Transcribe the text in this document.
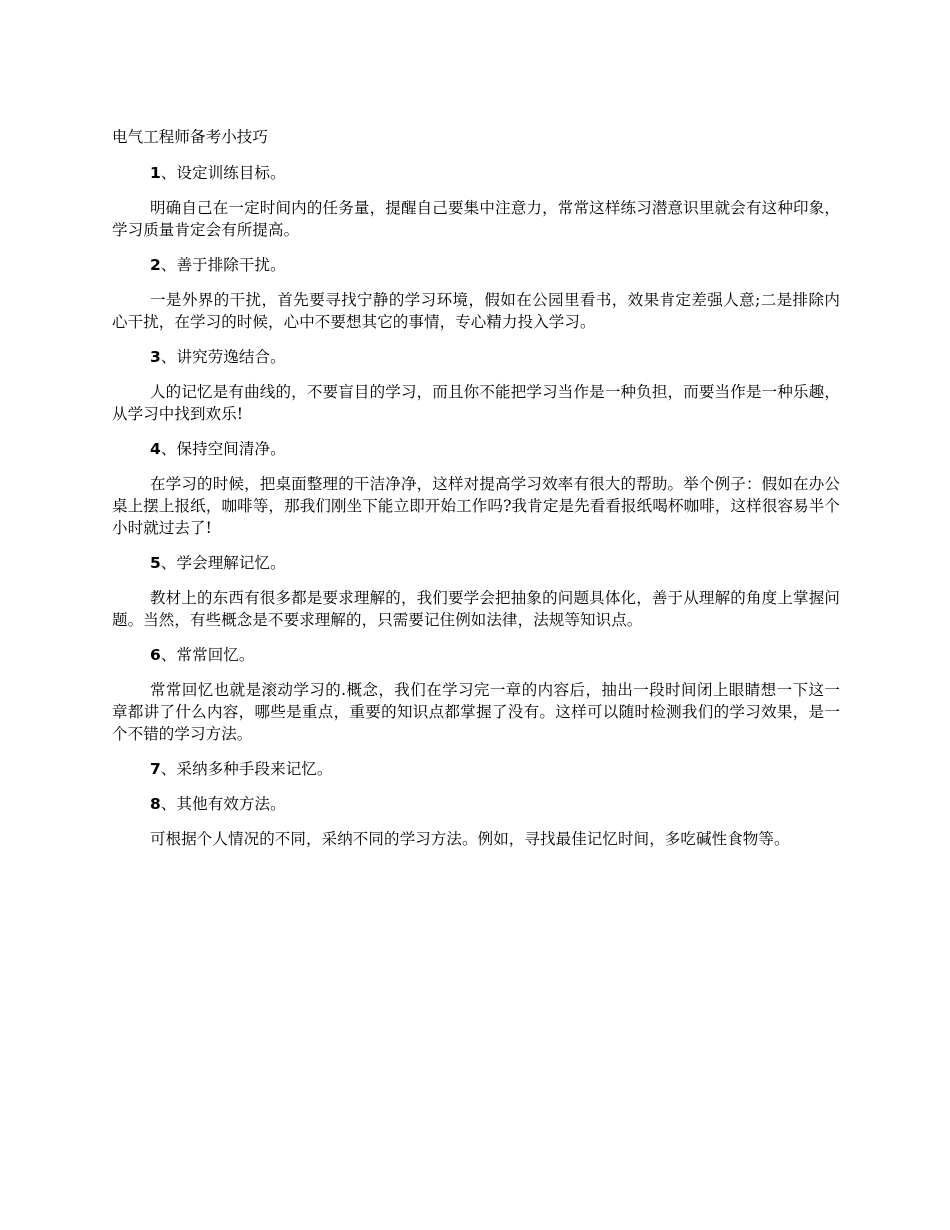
电气工程师备考小技巧

1、设定训练目标。

明确自己在一定时间内的任务量，提醒自己要集中注意力，常常这样练习潜意识里就会有这种印象，学习质量肯定会有所提高。

2、善于排除干扰。

一是外界的干扰，首先要寻找宁静的学习环境，假如在公园里看书，效果肯定差强人意;二是排除内心干扰，在学习的时候，心中不要想其它的事情，专心精力投入学习。

3、讲究劳逸结合。

人的记忆是有曲线的，不要盲目的学习，而且你不能把学习当作是一种负担，而要当作是一种乐趣，从学习中找到欢乐!

4、保持空间清净。

在学习的时候，把桌面整理的干洁净净，这样对提高学习效率有很大的帮助。举个例子：假如在办公桌上摆上报纸，咖啡等，那我们刚坐下能立即开始工作吗?我肯定是先看看报纸喝杯咖啡，这样很容易半个小时就过去了!

5、学会理解记忆。

教材上的东西有很多都是要求理解的，我们要学会把抽象的问题具体化，善于从理解的角度上掌握问题。当然，有些概念是不要求理解的，只需要记住例如法律，法规等知识点。

6、常常回忆。

常常回忆也就是滚动学习的.概念，我们在学习完一章的内容后，抽出一段时间闭上眼睛想一下这一章都讲了什么内容，哪些是重点，重要的知识点都掌握了没有。这样可以随时检测我们的学习效果，是一个不错的学习方法。

7、采纳多种手段来记忆。

8、其他有效方法。

可根据个人情况的不同，采纳不同的学习方法。例如，寻找最佳记忆时间，多吃碱性食物等。
